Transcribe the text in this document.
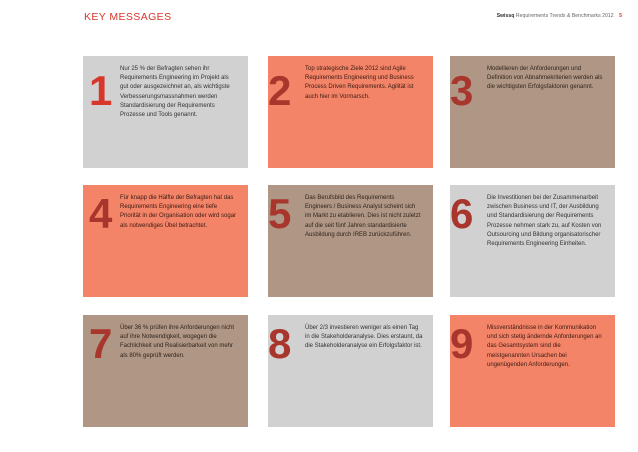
KEY MESSAGES	Swissq Requirements Trends & Benchmarks 2012 5
1 Nur 25 % der Befragten sehen ihr Requirements Engineering im Projekt als gut oder ausgezeichnet an, als wichtigste Verbesserungsmassnahmen werden Standardisierung der Requirements Prozesse und Tools genannt.
2 Top strategische Ziele 2012 sind Agile Requirements Engineering und Business Process Driven Requirements. Agilität ist auch hier im Vormarsch.	3 Modellieren der Anforderungen und Definition von Abnahmekriterien werden als die wichtigsten Erfolgsfaktoren genannt.
4 Für knapp die Hälfte der Befragten hat das Requirements Engineering eine tiefe Priorität in der Organisation oder wird sogar als notwendiges Übel betrachtet.	5 Das Berufsbild des Requirements Engineers / Business Analyst scheint sich im Markt zu etablieren. Dies ist nicht zuletzt auf die seit fünf Jahren standardisierte Ausbildung durch IREB zurückzuführen. 6 Die Investitionen bei der Zusammenarbeit zwischen Business und IT, der Ausbildung und Standardisierung der Requirements Prozesse nehmen stark zu, auf Kosten von Outsourcing und Bildung organisatorischer Requirements Engineering Einheiten.
7 Über 36 % prüfen ihre Anforderungen nicht auf ihre Notwendigkeit, wogegen die Fachlichkeit und Realisierbarkeit von mehr als 80% geprüft werden.	8 Über 2/3 investieren weniger als einen Tag in die Stakeholderanalyse. Dies erstaunt, da die Stakeholderanalyse ein Erfolgsfaktor ist. 9 Missverständnisse in der Kommunikation und sich stetig ändernde Anforderungen an das Gesamtsystem sind die meistgenannten Ursachen bei ungenügenden Anforderungen.
